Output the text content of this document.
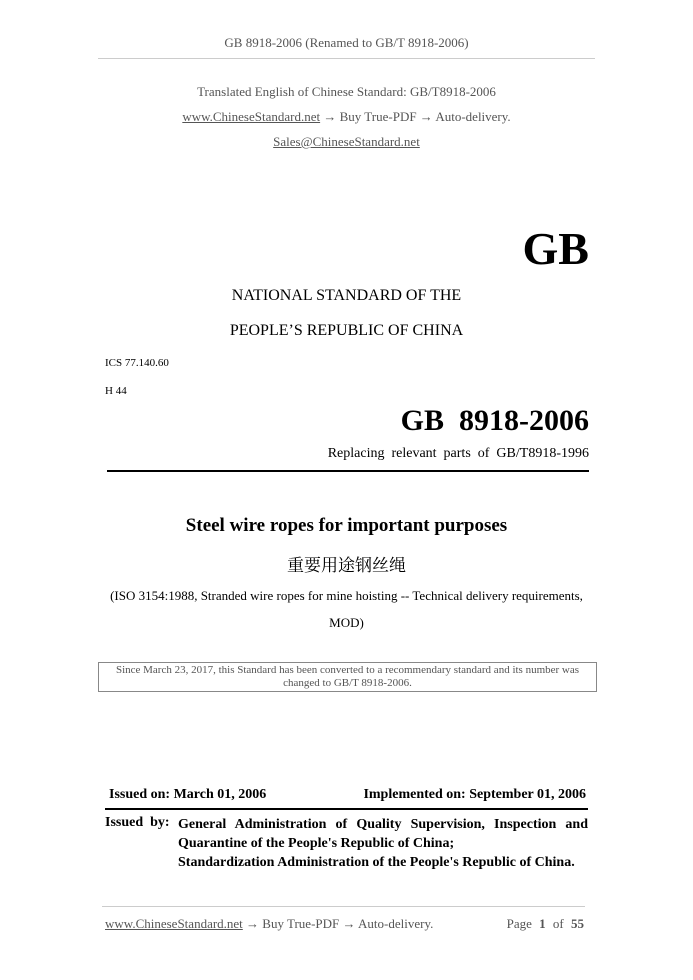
GB 8918-2006 (Renamed to GB/T 8918-2006)
Translated English of Chinese Standard: GB/T8918-2006
www.ChineseStandard.net → Buy True-PDF → Auto-delivery.
Sales@ChineseStandard.net
GB
NATIONAL STANDARD OF THE
PEOPLE’S REPUBLIC OF CHINA
ICS 77.140.60
H 44
GB  8918-2006
Replacing  relevant  parts  of  GB/T8918-1996
Steel wire ropes for important purposes
重要用途钢丝绳
(ISO 3154:1988, Stranded wire ropes for mine hoisting -- Technical delivery requirements,
MOD)
Since March 23, 2017, this Standard has been converted to a recommendary standard and its number was changed to GB/T 8918-2006.
Issued on: March 01, 2006	Implemented on: September 01, 2006
Issued  by: General Administration of Quality Supervision, Inspection and Quarantine of the People's Republic of China;
Standardization Administration of the People's Republic of China.
www.ChineseStandard.net → Buy True-PDF → Auto-delivery.	Page 1 of 55
